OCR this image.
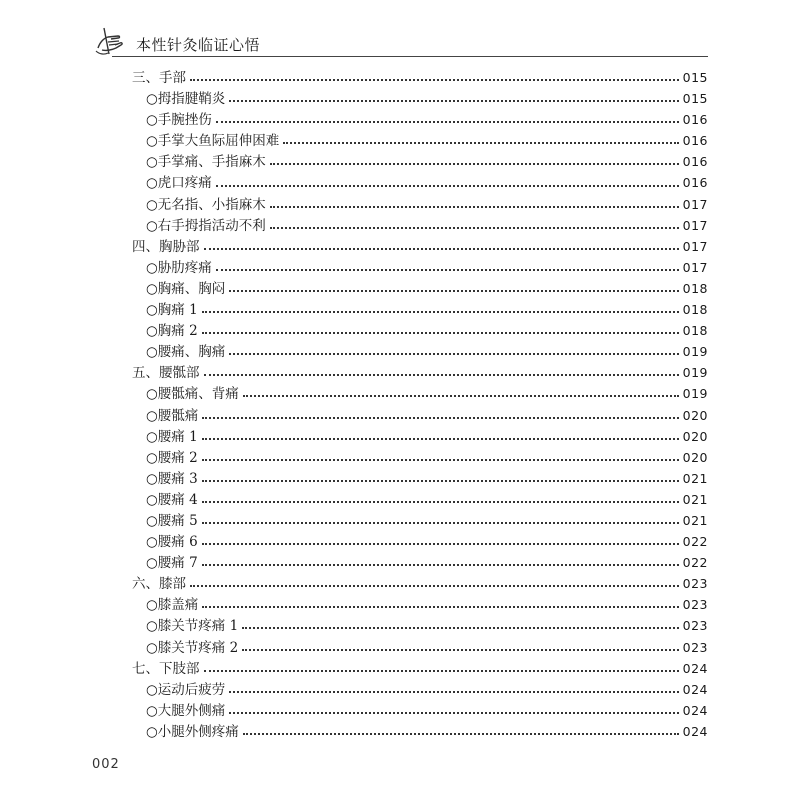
本性针灸临证心悟
三、手部	015
○拇指腱鞘炎	015
○手腕挫伤	016
○手掌大鱼际屈伸困难	016
○手掌痛、手指麻木	016
○虎口疼痛	016
○无名指、小指麻木	017
○右手拇指活动不利	017
四、胸胁部	017
○胁肋疼痛	017
○胸痛、胸闷	018
○胸痛 1	018
○胸痛 2	018
○腰痛、胸痛	019
五、腰骶部	019
○腰骶痛、背痛	019
○腰骶痛	020
○腰痛 1	020
○腰痛 2	020
○腰痛 3	021
○腰痛 4	021
○腰痛 5	021
○腰痛 6	022
○腰痛 7	022
六、膝部	023
○膝盖痛	023
○膝关节疼痛 1	023
○膝关节疼痛 2	023
七、下肢部	024
○运动后疲劳	024
○大腿外侧痛	024
○小腿外侧疼痛	024
002
